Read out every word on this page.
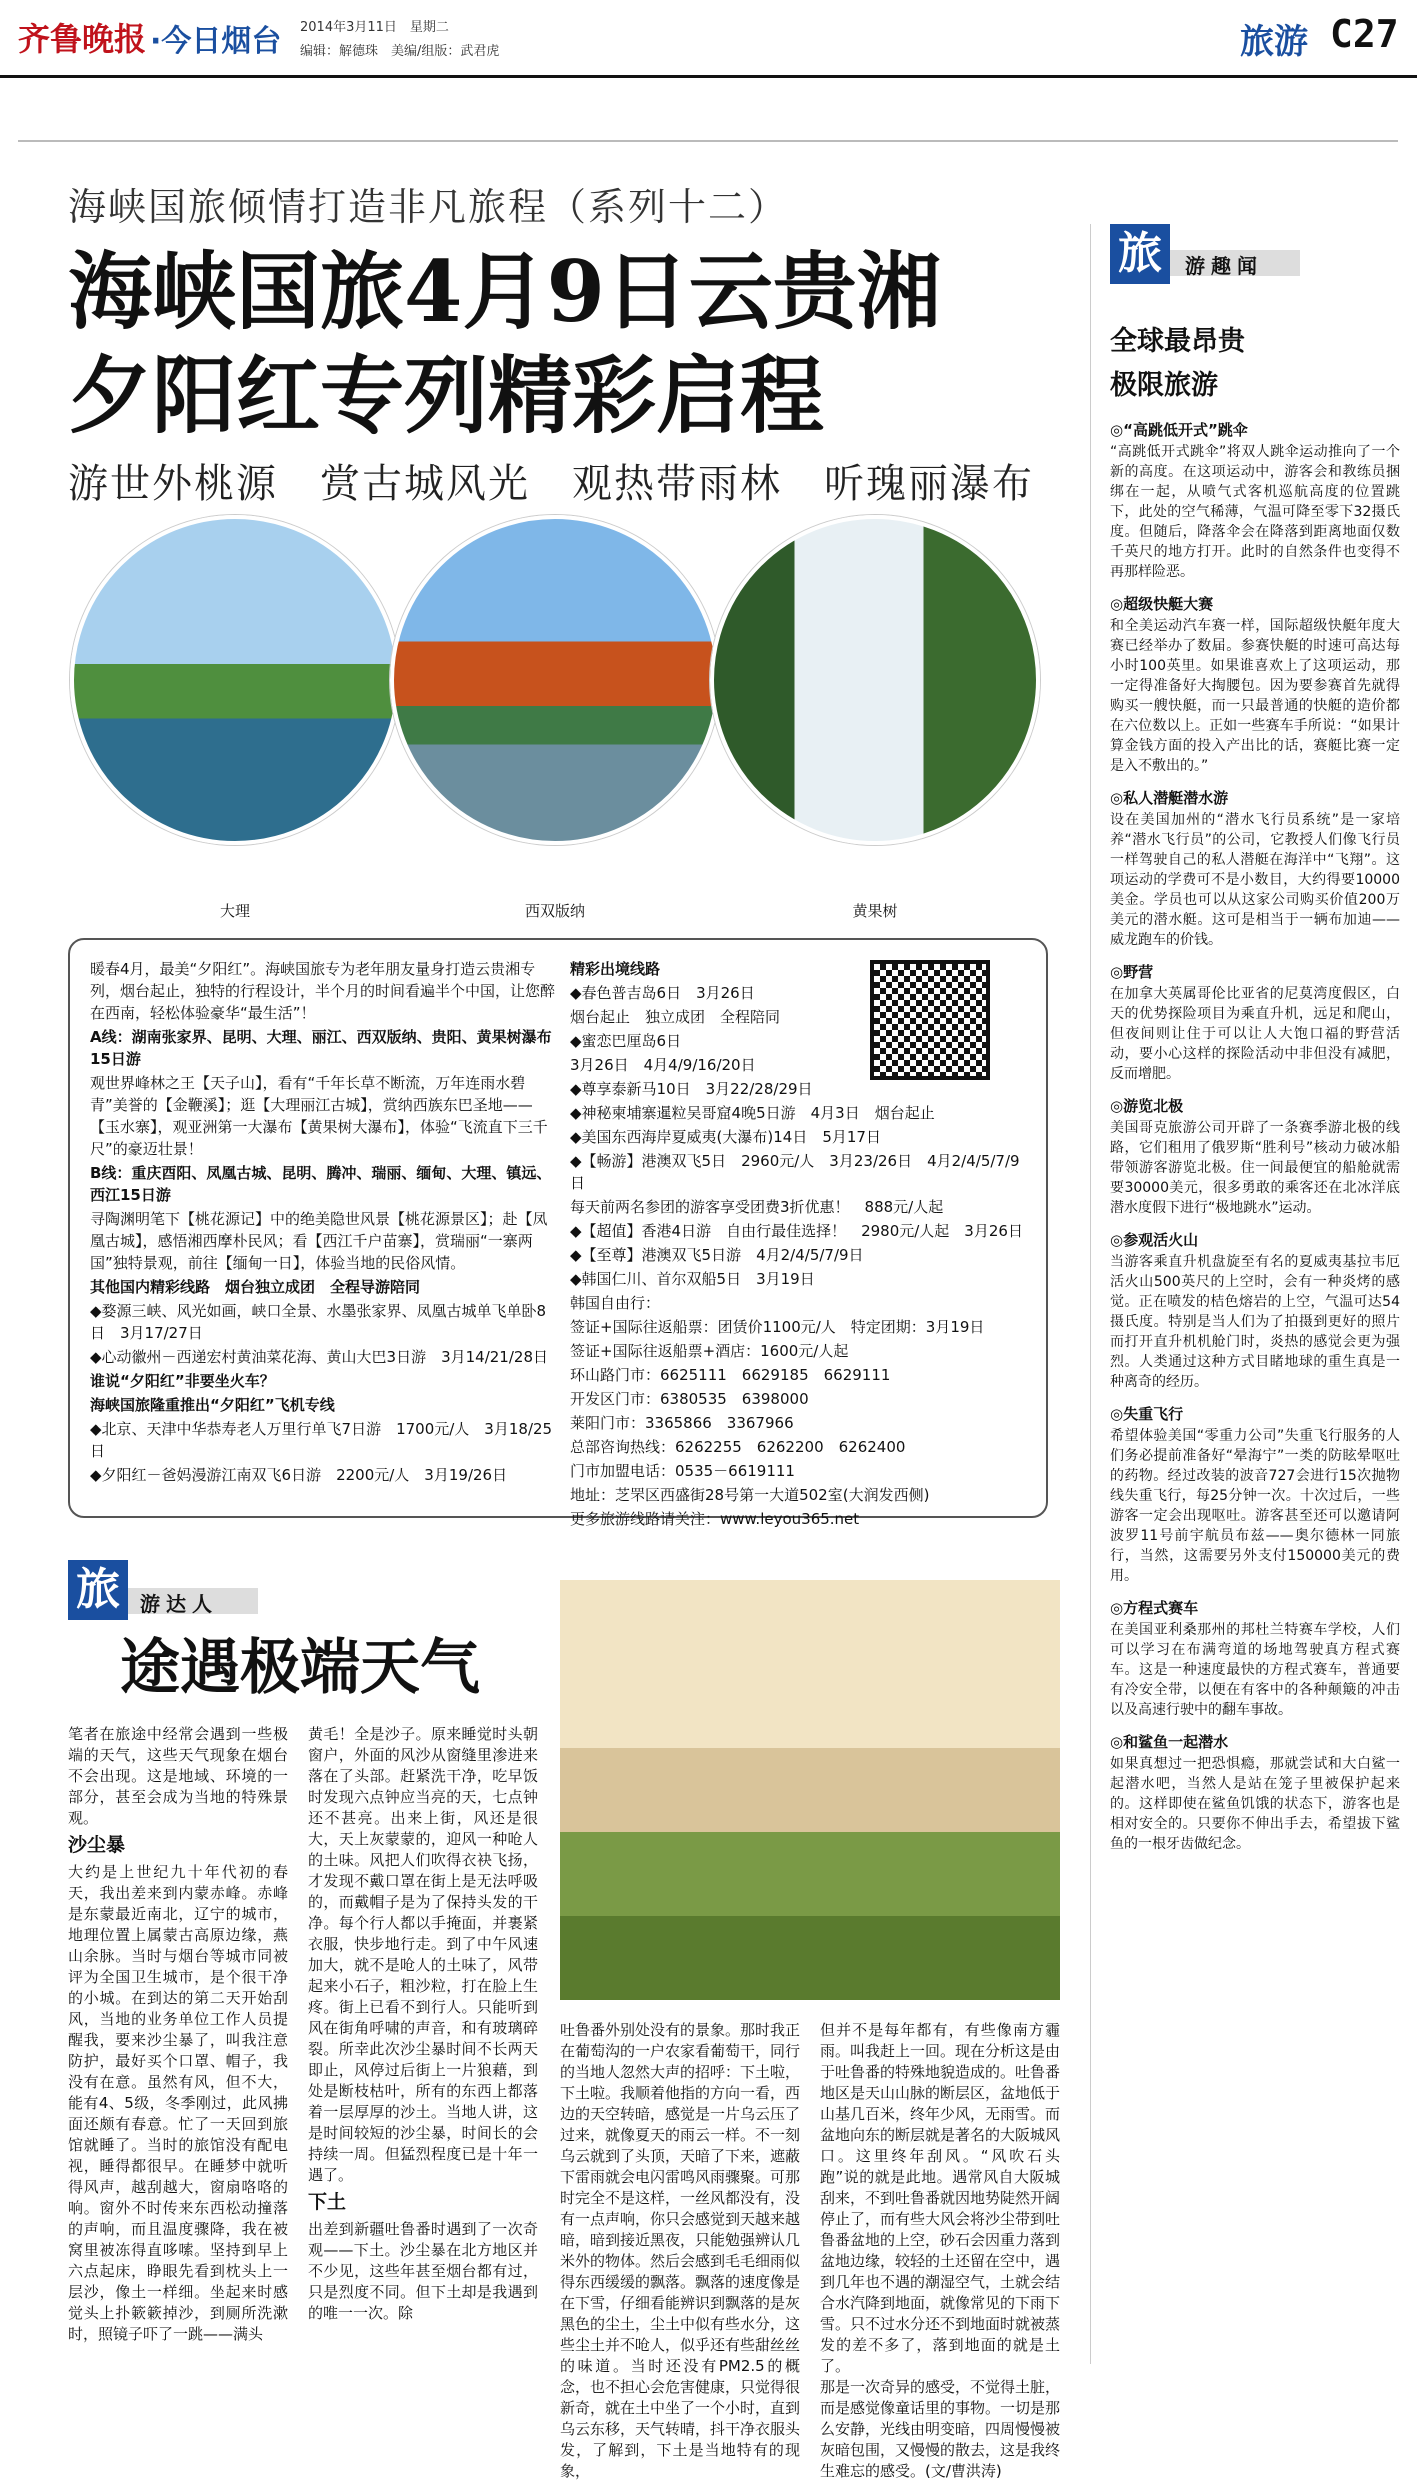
齐鲁晚报 ·今日烟台 2014年3月11日　星期二
编辑：解德珠　美编/组版：武君虎	旅游 C27
海峡国旅倾情打造非凡旅程（系列十二）
海峡国旅4月9日云贵湘
夕阳红专列精彩启程
游世外桃源　赏古城风光　观热带雨林　听瑰丽瀑布
大理	西双版纳	黄果树

暖春4月，最美“夕阳红”。海峡国旅专为老年朋友量身打造云贵湘专列，烟台起止，独特的行程设计，半个月的时间看遍半个中国，让您醉在西南，轻松体验豪华“最生活”！

A线：湖南张家界、昆明、大理、丽江、西双版纳、贵阳、黄果树瀑布15日游

观世界峰林之王【天子山】，看有“千年长草不断流，万年连雨水碧青”美誉的【金鞭溪】；逛【大理丽江古城】，赏纳西族东巴圣地——【玉水寨】，观亚洲第一大瀑布【黄果树大瀑布】，体验“飞流直下三千尺”的豪迈壮景！

B线：重庆酉阳、凤凰古城、昆明、腾冲、瑞丽、缅甸、大理、镇远、西江15日游

寻陶渊明笔下【桃花源记】中的绝美隐世风景【桃花源景区】；赴【凤凰古城】，感悟湘西摩朴民风；看【西江千户苗寨】，赏瑞丽“一寨两国”独特景观，前往【缅甸一日】，体验当地的民俗风情。

其他国内精彩线路　烟台独立成团　全程导游陪同

◆婺源三峡、风光如画，峡口全景、水墨张家界、凤凰古城单飞单卧8日　3月17/27日

◆心动徽州－西递宏村黄油菜花海、黄山大巴3日游　3月14/21/28日

谁说“夕阳红”非要坐火车？

海峡国旅隆重推出“夕阳红”飞机专线

◆北京、天津中华恭寿老人万里行单飞7日游　1700元/人　3月18/25日

◆夕阳红－爸妈漫游江南双飞6日游　2200元/人　3月19/26日

精彩出境线路

◆春色普吉岛6日　3月26日

烟台起止　独立成团　全程陪同

◆蜜恋巴厘岛6日

3月26日　4月4/9/16/20日

◆尊享泰新马10日　3月22/28/29日

◆神秘柬埔寨暹粒吴哥窟4晚5日游　4月3日　烟台起止

◆美国东西海岸夏威夷(大瀑布)14日　5月17日

◆【畅游】港澳双飞5日　2960元/人　3月23/26日　4月2/4/5/7/9日

每天前两名参团的游客享受团费3折优惠！　888元/人起

◆【超值】香港4日游　自由行最佳选择！　2980元/人起　3月26日

◆【至尊】港澳双飞5日游　4月2/4/5/7/9日

◆韩国仁川、首尔双船5日　3月19日

韩国自由行：

签证+国际往返船票：团赁价1100元/人　特定团期：3月19日

签证+国际往返船票+酒店：1600元/人起

环山路门市：6625111　6629185　6629111

开发区门市：6380535　6398000

莱阳门市：3365866　3367966

总部咨询热线：6262255　6262200　6262400

门市加盟电话：0535－6619111

地址：芝罘区西盛街28号第一大道502室(大润发西侧)

更多旅游线路请关注：www.leyou365.net

旅	游达人
途遇极端天气

笔者在旅途中经常会遇到一些极端的天气，这些天气现象在烟台不会出现。这是地域、环境的一部分，甚至会成为当地的特殊景观。

沙尘暴

大约是上世纪九十年代初的春天，我出差来到内蒙赤峰。赤峰是东蒙最近南北，辽宁的城市，地理位置上属蒙古高原边缘，燕山余脉。当时与烟台等城市同被评为全国卫生城市，是个很干净的小城。在到达的第二天开始刮风，当地的业务单位工作人员提醒我，要来沙尘暴了，叫我注意防护，最好买个口罩、帽子，我没有在意。虽然有风，但不大，能有4、5级，冬季刚过，此风拂面还颇有春意。忙了一天回到旅馆就睡了。当时的旅馆没有配电视，睡得都很早。在睡梦中就听得风声，越刮越大，窗扇咯咯的响。窗外不时传来东西松动撞落的声响，而且温度骤降，我在被窝里被冻得直哆嗦。坚持到早上六点起床，睁眼先看到枕头上一层沙，像土一样细。坐起来时感觉头上扑簌簌掉沙，到厕所洗漱时，照镜子吓了一跳——满头

黄毛！全是沙子。原来睡觉时头朝窗户，外面的风沙从窗缝里渗进来落在了头部。赶紧洗干净，吃早饭时发现六点钟应当亮的天，七点钟还不甚亮。出来上街，风还是很大，天上灰蒙蒙的，迎风一种呛人的土味。风把人们吹得衣袂飞扬，才发现不戴口罩在街上是无法呼吸的，而戴帽子是为了保持头发的干净。每个行人都以手掩面，并裹紧衣服，快步地行走。到了中午风速加大，就不是呛人的土味了，风带起来小石子，粗沙粒，打在脸上生疼。街上已看不到行人。只能听到风在街角呼啸的声音，和有玻璃碎裂。所幸此次沙尘暴时间不长两天即止，风停过后街上一片狼藉，到处是断枝枯叶，所有的东西上都落着一层厚厚的沙土。当地人讲，这是时间较短的沙尘暴，时间长的会持续一周。但猛烈程度已是十年一遇了。

下土

出差到新疆吐鲁番时遇到了一次奇观——下土。沙尘暴在北方地区并不少见，这些年甚至烟台都有过，只是烈度不同。但下土却是我遇到的唯一一次。除

吐鲁番外别处没有的景象。那时我正在葡萄沟的一户农家看葡萄干，同行的当地人忽然大声的招呼：下土啦，下土啦。我顺着他指的方向一看，西边的天空转暗，感觉是一片乌云压了过来，就像夏天的雨云一样。不一刻乌云就到了头顶，天暗了下来，遮蔽下雷雨就会电闪雷鸣风雨骤聚。可那时完全不是这样，一丝风都没有，没有一点声响，你只会感觉到天越来越暗，暗到接近黑夜，只能勉强辨认几米外的物体。然后会感到毛毛细雨似得东西缓缓的飘落。飘落的速度像是在下雪，仔细看能辨识到飘落的是灰黑色的尘土，尘土中似有些水分，这些尘土并不呛人，似乎还有些甜丝丝的味道。当时还没有PM2.5的概念，也不担心会危害健康，只觉得很新奇，就在土中坐了一个小时，直到乌云东移，天气转晴，抖干净衣服头发，了解到，下土是当地特有的现象，

但并不是每年都有，有些像南方霾雨。叫我赶上一回。现在分析这是由于吐鲁番的特殊地貌造成的。吐鲁番地区是天山山脉的断层区，盆地低于山基几百米，终年少风，无雨雪。而盆地向东的断层就是著名的大阪城风口。这里终年刮风。“风吹石头跑”说的就是此地。遇常风自大阪城刮来，不到吐鲁番就因地势陡然开阔停止了，而有些大风会将沙尘带到吐鲁番盆地的上空，砂石会因重力落到盆地边缘，较轻的土还留在空中，遇到几年也不遇的潮湿空气，土就会结合水汽降到地面，就像常见的下雨下雪。只不过水分还不到地面时就被蒸发的差不多了，落到地面的就是土了。

那是一次奇异的感受，不觉得土脏，而是感觉像童话里的事物。一切是那么安静，光线由明变暗，四周慢慢被灰暗包围，又慢慢的散去，这是我终生难忘的感受。(文/曹洪涛)

旅	游趣闻
全球最昂贵
极限旅游
◎“高跳低开式”跳伞
“高跳低开式跳伞”将双人跳伞运动推向了一个新的高度。在这项运动中，游客会和教练员捆绑在一起，从喷气式客机巡航高度的位置跳下，此处的空气稀薄，气温可降至零下32摄氏度。但随后，降落伞会在降落到距离地面仅数千英尺的地方打开。此时的自然条件也变得不再那样险恶。
◎超级快艇大赛
和全美运动汽车赛一样，国际超级快艇年度大赛已经举办了数届。参赛快艇的时速可高达每小时100英里。如果谁喜欢上了这项运动，那一定得准备好大掏腰包。因为要参赛首先就得购买一艘快艇，而一只最普通的快艇的造价都在六位数以上。正如一些赛车手所说：“如果计算金钱方面的投入产出比的话，赛艇比赛一定是入不敷出的。”
◎私人潜艇潜水游
设在美国加州的“潜水飞行员系统”是一家培养“潜水飞行员”的公司，它教授人们像飞行员一样驾驶自己的私人潜艇在海洋中“飞翔”。这项运动的学费可不是小数目，大约得要10000美金。学员也可以从这家公司购买价值200万美元的潜水艇。这可是相当于一辆布加迪——威龙跑车的价钱。
◎野营
在加拿大英属哥伦比亚省的尼莫湾度假区，白天的优势探险项目为乘直升机，远足和爬山，但夜间则让住于可以让人大饱口福的野营活动，要小心这样的探险活动中非但没有减肥，反而增肥。
◎游览北极
美国哥克旅游公司开辟了一条赛季游北极的线路，它们租用了俄罗斯“胜利号”核动力破冰船带领游客游览北极。住一间最便宜的船舱就需要30000美元，很多勇敢的乘客还在北冰洋底潜水度假下进行“极地跳水”运动。
◎参观活火山
当游客乘直升机盘旋至有名的夏威夷基拉韦厄活火山500英尺的上空时，会有一种炎烤的感觉。正在喷发的桔色熔岩的上空，气温可达54摄氏度。特别是当人们为了拍摄到更好的照片而打开直升机机舱门时，炎热的感觉会更为强烈。人类通过这种方式目睹地球的重生真是一种离奇的经历。
◎失重飞行
希望体验美国“零重力公司”失重飞行服务的人们务必提前准备好“晕海宁”一类的防眩晕呕吐的药物。经过改装的波音727会进行15次抛物线失重飞行，每25分钟一次。十次过后，一些游客一定会出现呕吐。游客甚至还可以邀请阿波罗11号前宇航员布兹——奥尔德林一同旅行，当然，这需要另外支付150000美元的费用。
◎方程式赛车
在美国亚利桑那州的邦杜兰特赛车学校，人们可以学习在布满弯道的场地驾驶真方程式赛车。这是一种速度最快的方程式赛车，普通要有冷安全带，以便在有客中的各种颠簸的冲击以及高速行驶中的翻车事故。
◎和鲨鱼一起潜水
如果真想过一把恐惧瘾，那就尝试和大白鲨一起潜水吧，当然人是站在笼子里被保护起来的。这样即使在鲨鱼饥饿的状态下，游客也是相对安全的。只要你不伸出手去，希望拔下鲨鱼的一根牙齿做纪念。
